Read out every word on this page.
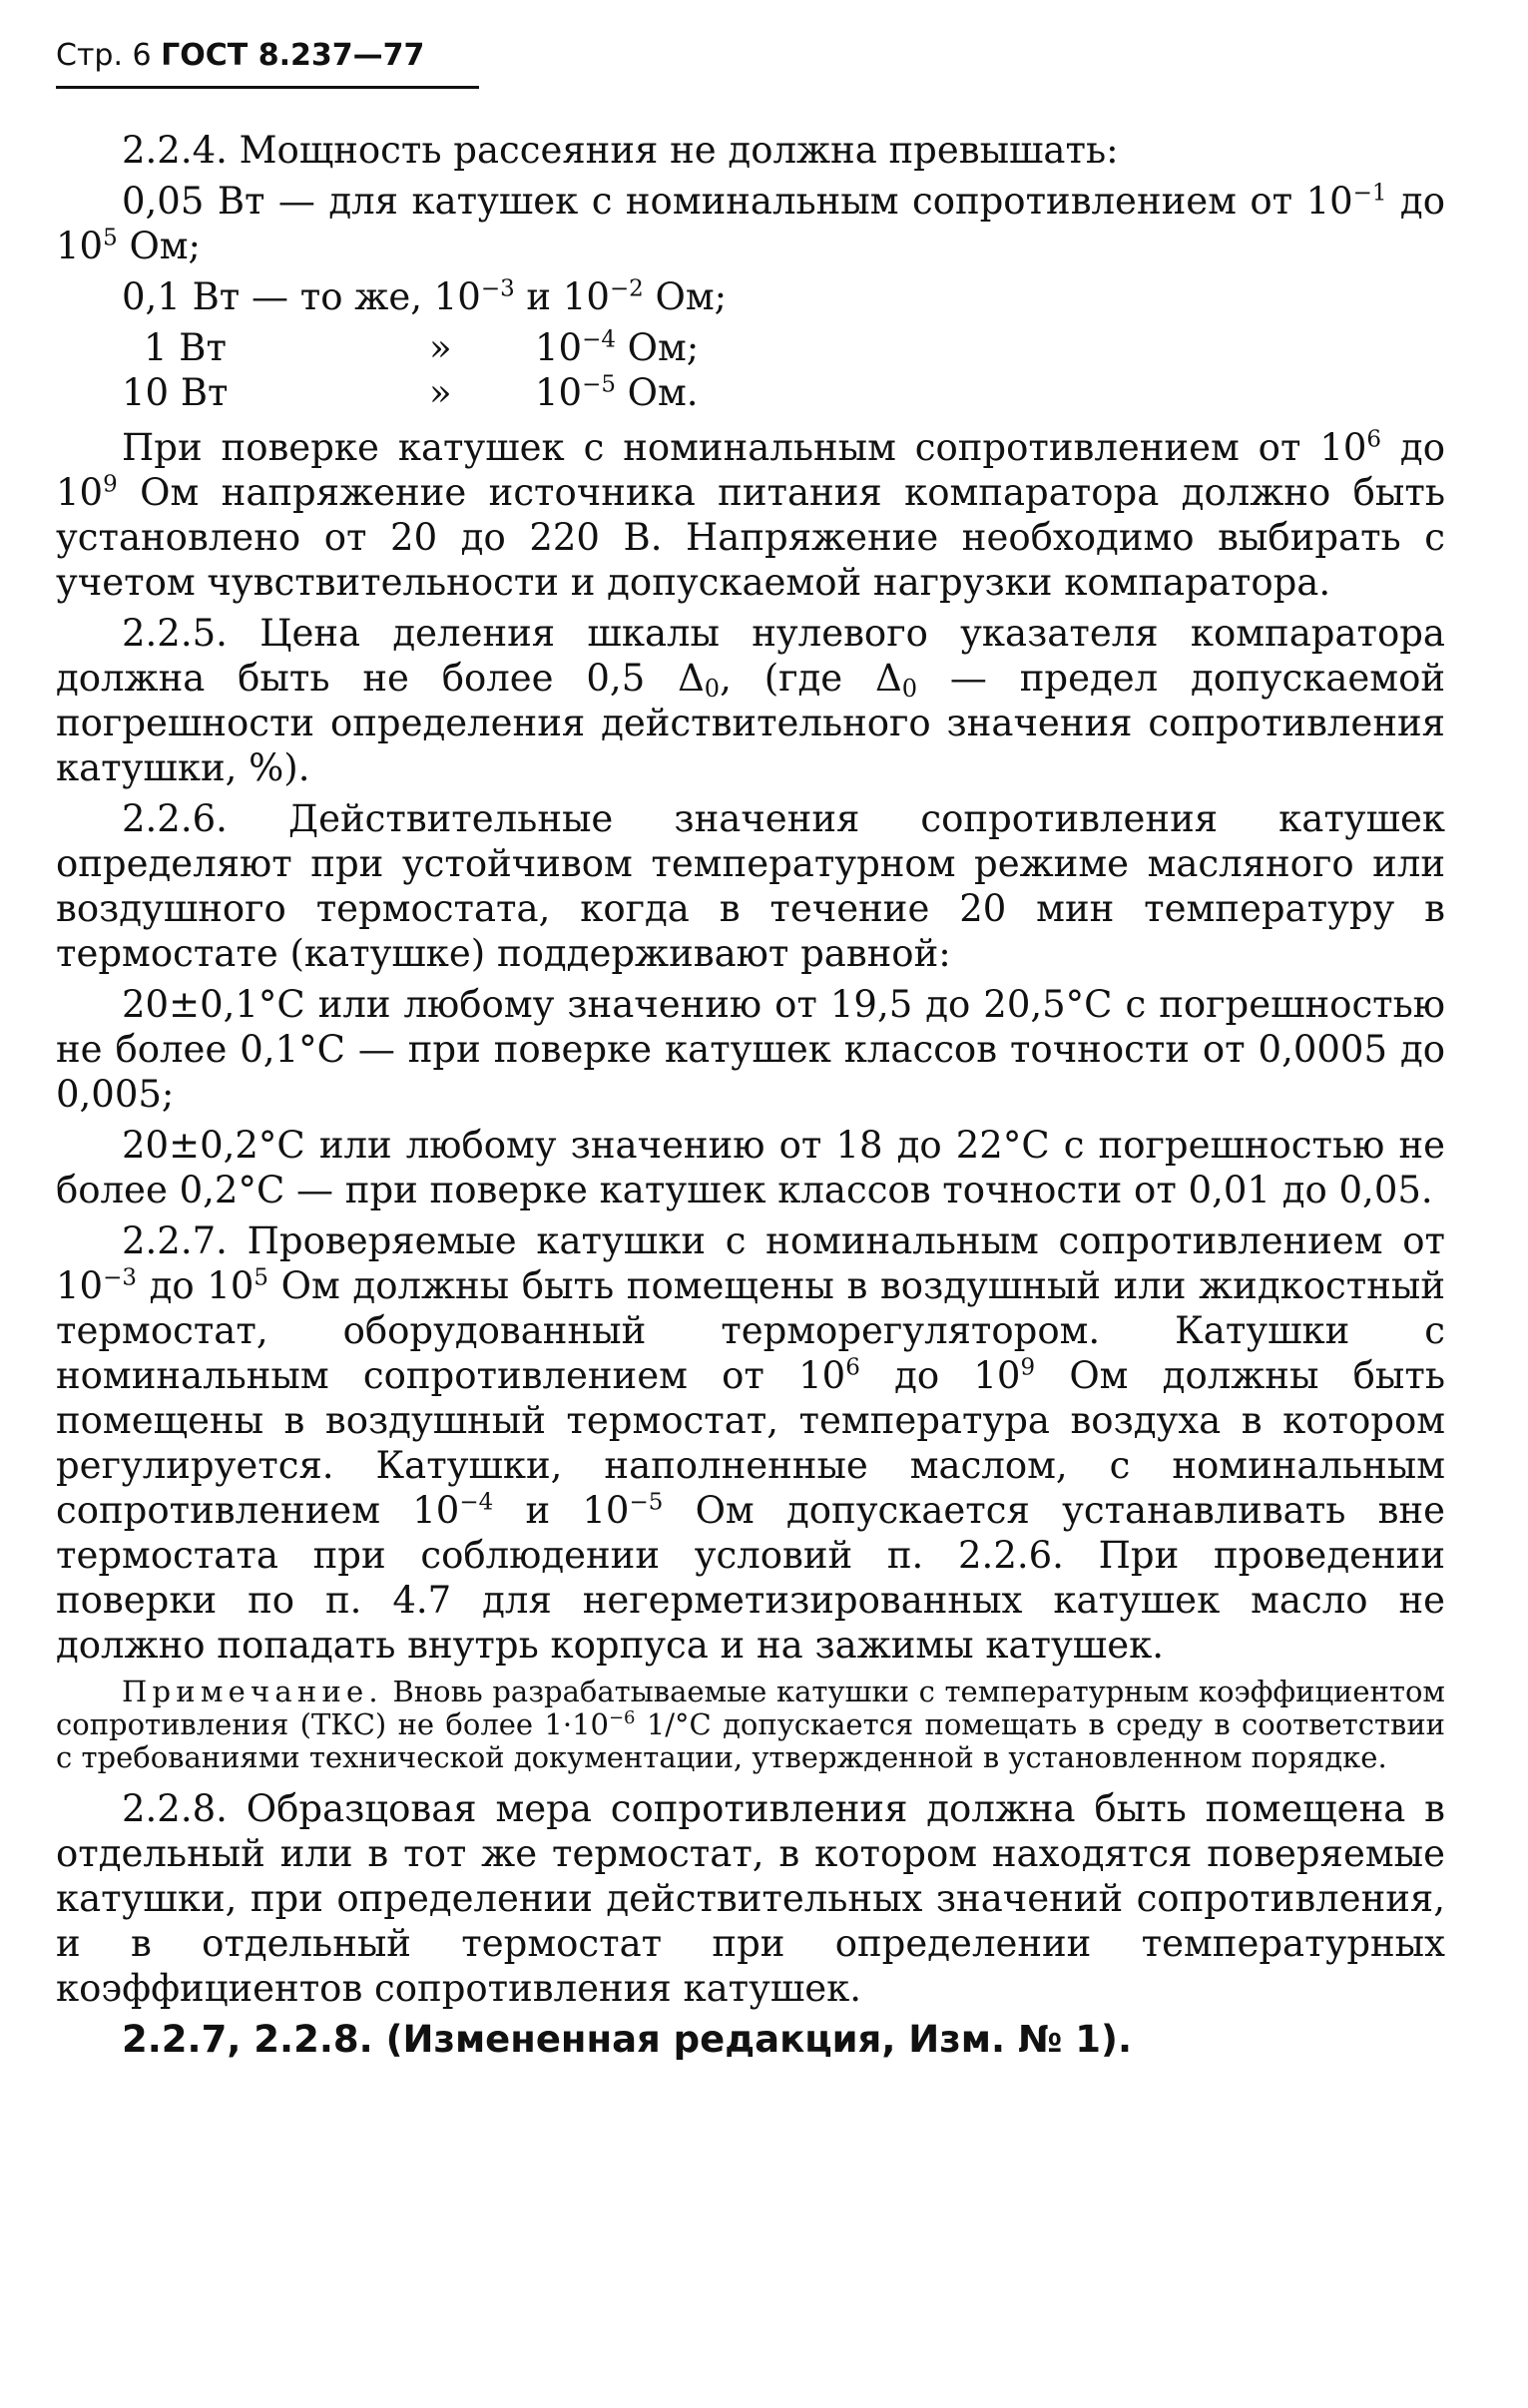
Стр. 6 ГОСТ 8.237—77

2.2.4. Мощность рассеяния не должна превышать:

0,05 Вт — для катушек с номинальным сопротивлением от $10^{-1}$ до $10^5$ Ом;

0,1 Вт — то же, $10^{-3}$ и $10^{-2}$ Ом;

1 Вт	»	$10^{-4}$ Ом;
10 Вт	»	$10^{-5}$ Ом.

При поверке катушек с номинальным сопротивлением от $10^6$ до $10^9$ Ом напряжение источника питания компаратора должно быть установлено от 20 до 220 В. Напряжение необходимо выбирать с учетом чувствительности и допускаемой нагрузки компаратора.

2.2.5. Цена деления шкалы нулевого указателя компаратора должна быть не более 0,5 $\Delta_0$, (где $\Delta_0$ — предел допускаемой погрешности определения действительного значения сопротивления катушки, %).

2.2.6. Действительные значения сопротивления катушек определяют при устойчивом температурном режиме масляного или воздушного термостата, когда в течение 20 мин температуру в термостате (катушке) поддерживают равной:

20±0,1°С или любому значению от 19,5 до 20,5°С с погрешностью не более 0,1°С — при поверке катушек классов точности от 0,0005 до 0,005;

20±0,2°С или любому значению от 18 до 22°С с погрешностью не более 0,2°С — при поверке катушек классов точности от 0,01 до 0,05.

2.2.7. Проверяемые катушки с номинальным сопротивлением от $10^{-3}$ до $10^5$ Ом должны быть помещены в воздушный или жидкостный термостат, оборудованный терморегулятором. Катушки с номинальным сопротивлением от $10^6$ до $10^9$ Ом должны быть помещены в воздушный термостат, температура воздуха в котором регулируется. Катушки, наполненные маслом, с номинальным сопротивлением $10^{-4}$ и $10^{-5}$ Ом допускается устанавливать вне термостата при соблюдении условий п. 2.2.6. При проведении поверки по п. 4.7 для негерметизированных катушек масло не должно попадать внутрь корпуса и на зажимы катушек.

Примечание. Вновь разрабатываемые катушки с температурным коэффициентом сопротивления (ТКС) не более $1\cdot 10^{-6}$ 1/°С допускается помещать в среду в соответствии с требованиями технической документации, утвержденной в установленном порядке.

2.2.8. Образцовая мера сопротивления должна быть помещена в отдельный или в тот же термостат, в котором находятся поверяемые катушки, при определении действительных значений сопротивления, и в отдельный термостат при определении температурных коэффициентов сопротивления катушек.

2.2.7, 2.2.8. (Измененная редакция, Изм. № 1).
